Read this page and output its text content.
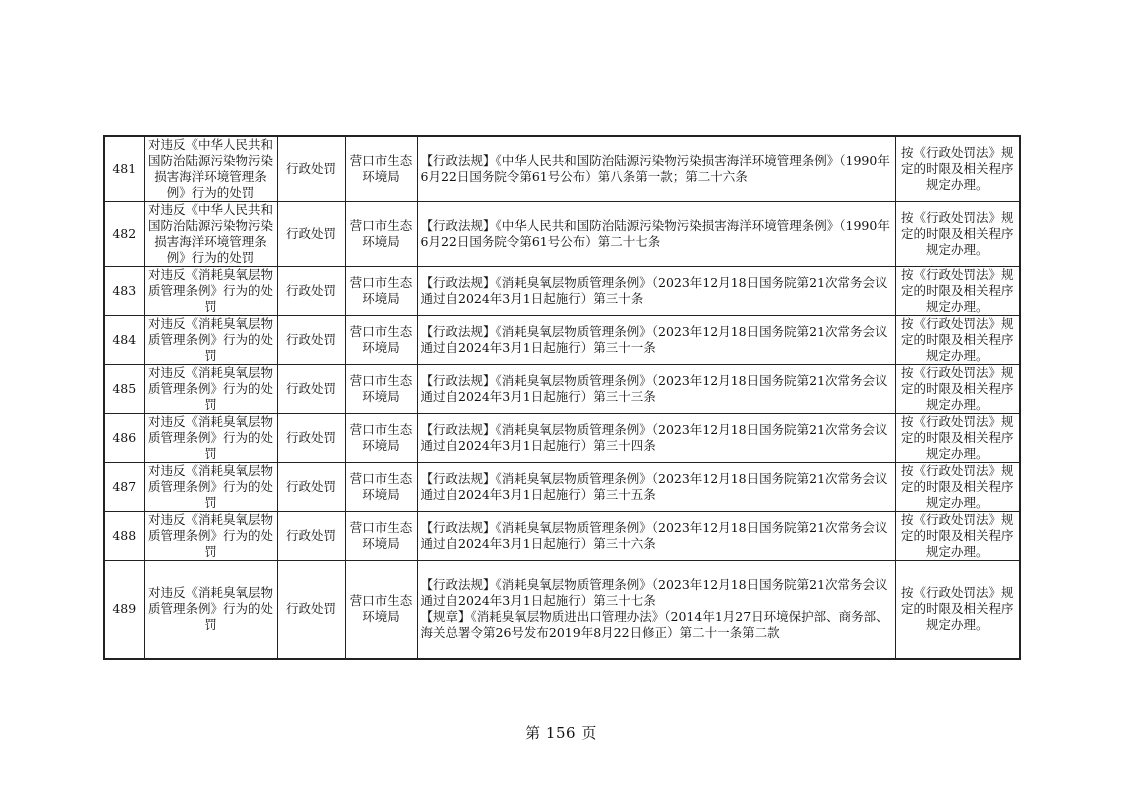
481	对违反《中华人民共和国防治陆源污染物污染损害海洋环境管理条例》行为的处罚	行政处罚	营口市生态环境局	【行政法规】《中华人民共和国防治陆源污染物污染损害海洋环境管理条例》（1990年6月22日国务院令第61号公布）第八条第一款；第二十六条	按《行政处罚法》规定的时限及相关程序规定办理。
482	对违反《中华人民共和国防治陆源污染物污染损害海洋环境管理条例》行为的处罚	行政处罚	营口市生态环境局	【行政法规】《中华人民共和国防治陆源污染物污染损害海洋环境管理条例》（1990年6月22日国务院令第61号公布）第二十七条	按《行政处罚法》规定的时限及相关程序规定办理。
483	对违反《消耗臭氧层物质管理条例》行为的处罚	行政处罚	营口市生态环境局	【行政法规】《消耗臭氧层物质管理条例》（2023年12月18日国务院第21次常务会议通过自2024年3月1日起施行）第三十条	按《行政处罚法》规定的时限及相关程序规定办理。
484	对违反《消耗臭氧层物质管理条例》行为的处罚	行政处罚	营口市生态环境局	【行政法规】《消耗臭氧层物质管理条例》（2023年12月18日国务院第21次常务会议通过自2024年3月1日起施行）第三十一条	按《行政处罚法》规定的时限及相关程序规定办理。
485	对违反《消耗臭氧层物质管理条例》行为的处罚	行政处罚	营口市生态环境局	【行政法规】《消耗臭氧层物质管理条例》（2023年12月18日国务院第21次常务会议通过自2024年3月1日起施行）第三十三条	按《行政处罚法》规定的时限及相关程序规定办理。
486	对违反《消耗臭氧层物质管理条例》行为的处罚	行政处罚	营口市生态环境局	【行政法规】《消耗臭氧层物质管理条例》（2023年12月18日国务院第21次常务会议通过自2024年3月1日起施行）第三十四条	按《行政处罚法》规定的时限及相关程序规定办理。
487	对违反《消耗臭氧层物质管理条例》行为的处罚	行政处罚	营口市生态环境局	【行政法规】《消耗臭氧层物质管理条例》（2023年12月18日国务院第21次常务会议通过自2024年3月1日起施行）第三十五条	按《行政处罚法》规定的时限及相关程序规定办理。
488	对违反《消耗臭氧层物质管理条例》行为的处罚	行政处罚	营口市生态环境局	【行政法规】《消耗臭氧层物质管理条例》（2023年12月18日国务院第21次常务会议通过自2024年3月1日起施行）第三十六条	按《行政处罚法》规定的时限及相关程序规定办理。
489	对违反《消耗臭氧层物质管理条例》行为的处罚	行政处罚	营口市生态环境局	【行政法规】《消耗臭氧层物质管理条例》（2023年12月18日国务院第21次常务会议通过自2024年3月1日起施行）第三十七条
【规章】《消耗臭氧层物质进出口管理办法》（2014年1月27日环境保护部、商务部、海关总署令第26号发布2019年8月22日修正）第二十一条第二款	按《行政处罚法》规定的时限及相关程序规定办理。
第 156 页
